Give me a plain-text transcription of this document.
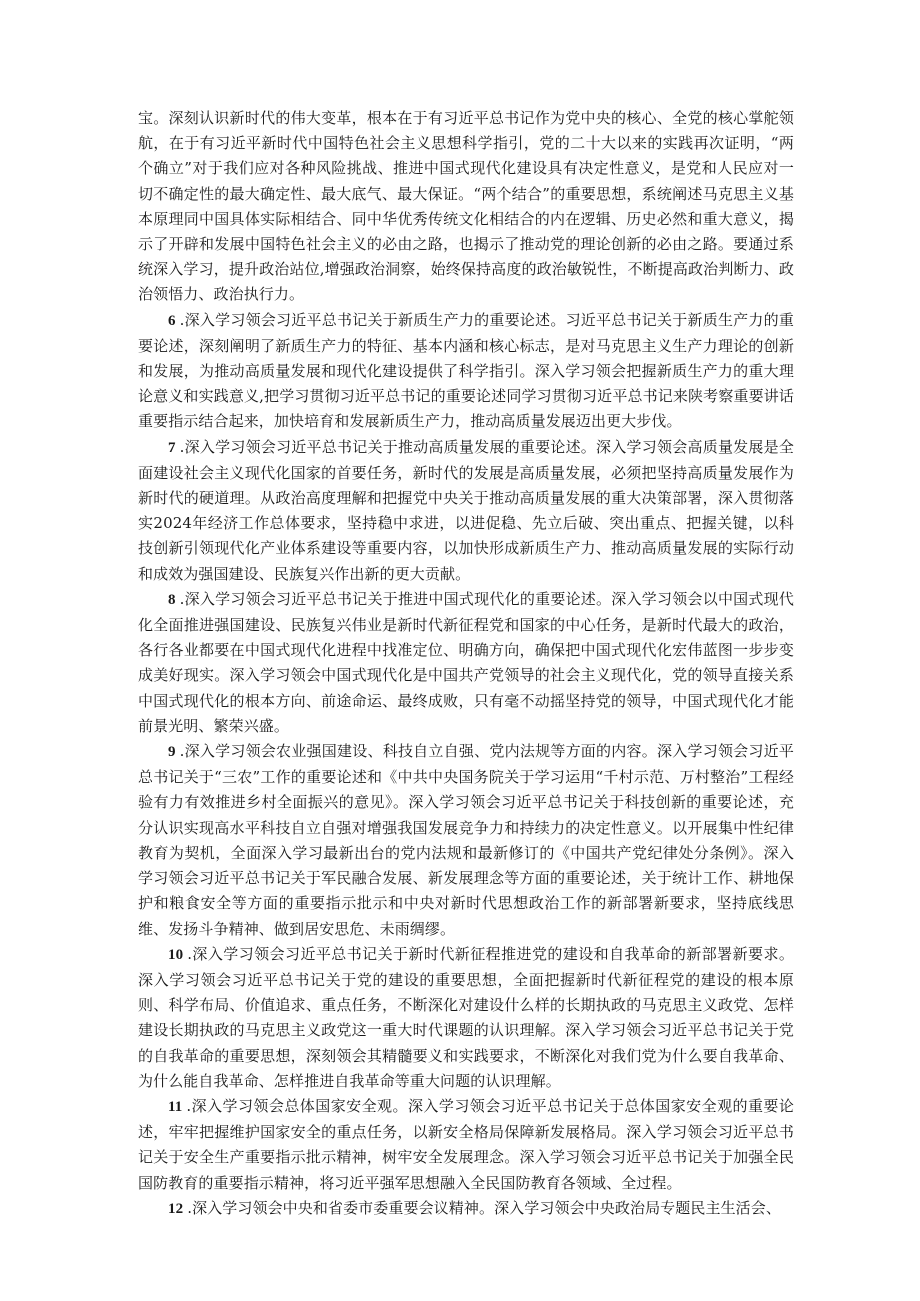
宝。深刻认识新时代的伟大变革，根本在于有习近平总书记作为党中央的核心、全党的核心掌舵领航，在于有习近平新时代中国特色社会主义思想科学指引，党的二十大以来的实践再次证明，“两个确立”对于我们应对各种风险挑战、推进中国式现代化建设具有决定性意义，是党和人民应对一切不确定性的最大确定性、最大底气、最大保证。“两个结合”的重要思想，系统阐述马克思主义基本原理同中国具体实际相结合、同中华优秀传统文化相结合的内在逻辑、历史必然和重大意义，揭示了开辟和发展中国特色社会主义的必由之路，也揭示了推动党的理论创新的必由之路。要通过系统深入学习，提升政治站位,增强政治洞察，始终保持高度的政治敏锐性，不断提高政治判断力、政治领悟力、政治执行力。

6 .深入学习领会习近平总书记关于新质生产力的重要论述。习近平总书记关于新质生产力的重要论述，深刻阐明了新质生产力的特征、基本内涵和核心标志，是对马克思主义生产力理论的创新和发展，为推动高质量发展和现代化建设提供了科学指引。深入学习领会把握新质生产力的重大理论意义和实践意义,把学习贯彻习近平总书记的重要论述同学习贯彻习近平总书记来陕考察重要讲话重要指示结合起来，加快培育和发展新质生产力，推动高质量发展迈出更大步伐。

7 .深入学习领会习近平总书记关于推动高质量发展的重要论述。深入学习领会高质量发展是全面建设社会主义现代化国家的首要任务，新时代的发展是高质量发展，必须把坚持高质量发展作为新时代的硬道理。从政治高度理解和把握党中央关于推动高质量发展的重大决策部署，深入贯彻落实2024年经济工作总体要求，坚持稳中求进，以进促稳、先立后破、突出重点、把握关键，以科技创新引领现代化产业体系建设等重要内容，以加快形成新质生产力、推动高质量发展的实际行动和成效为强国建设、民族复兴作出新的更大贡献。

8 .深入学习领会习近平总书记关于推进中国式现代化的重要论述。深入学习领会以中国式现代化全面推进强国建设、民族复兴伟业是新时代新征程党和国家的中心任务，是新时代最大的政治，各行各业都要在中国式现代化进程中找准定位、明确方向，确保把中国式现代化宏伟蓝图一步步变成美好现实。深入学习领会中国式现代化是中国共产党领导的社会主义现代化，党的领导直接关系中国式现代化的根本方向、前途命运、最终成败，只有毫不动摇坚持党的领导，中国式现代化才能前景光明、繁荣兴盛。

9 .深入学习领会农业强国建设、科技自立自强、党内法规等方面的内容。深入学习领会习近平总书记关于“三农”工作的重要论述和《中共中央国务院关于学习运用“千村示范、万村整治”工程经验有力有效推进乡村全面振兴的意见》。深入学习领会习近平总书记关于科技创新的重要论述，充分认识实现高水平科技自立自强对增强我国发展竞争力和持续力的决定性意义。以开展集中性纪律教育为契机，全面深入学习最新出台的党内法规和最新修订的《中国共产党纪律处分条例》。深入学习领会习近平总书记关于军民融合发展、新发展理念等方面的重要论述，关于统计工作、耕地保护和粮食安全等方面的重要指示批示和中央对新时代思想政治工作的新部署新要求，坚持底线思维、发扬斗争精神、做到居安思危、未雨绸缪。

10 .深入学习领会习近平总书记关于新时代新征程推进党的建设和自我革命的新部署新要求。深入学习领会习近平总书记关于党的建设的重要思想，全面把握新时代新征程党的建设的根本原则、科学布局、价值追求、重点任务，不断深化对建设什么样的长期执政的马克思主义政党、怎样建设长期执政的马克思主义政党这一重大时代课题的认识理解。深入学习领会习近平总书记关于党的自我革命的重要思想，深刻领会其精髓要义和实践要求，不断深化对我们党为什么要自我革命、为什么能自我革命、怎样推进自我革命等重大问题的认识理解。

11 .深入学习领会总体国家安全观。深入学习领会习近平总书记关于总体国家安全观的重要论述，牢牢把握维护国家安全的重点任务，以新安全格局保障新发展格局。深入学习领会习近平总书记关于安全生产重要指示批示精神，树牢安全发展理念。深入学习领会习近平总书记关于加强全民国防教育的重要指示精神，将习近平强军思想融入全民国防教育各领域、全过程。

12 .深入学习领会中央和省委市委重要会议精神。深入学习领会中央政治局专题民主生活会、
